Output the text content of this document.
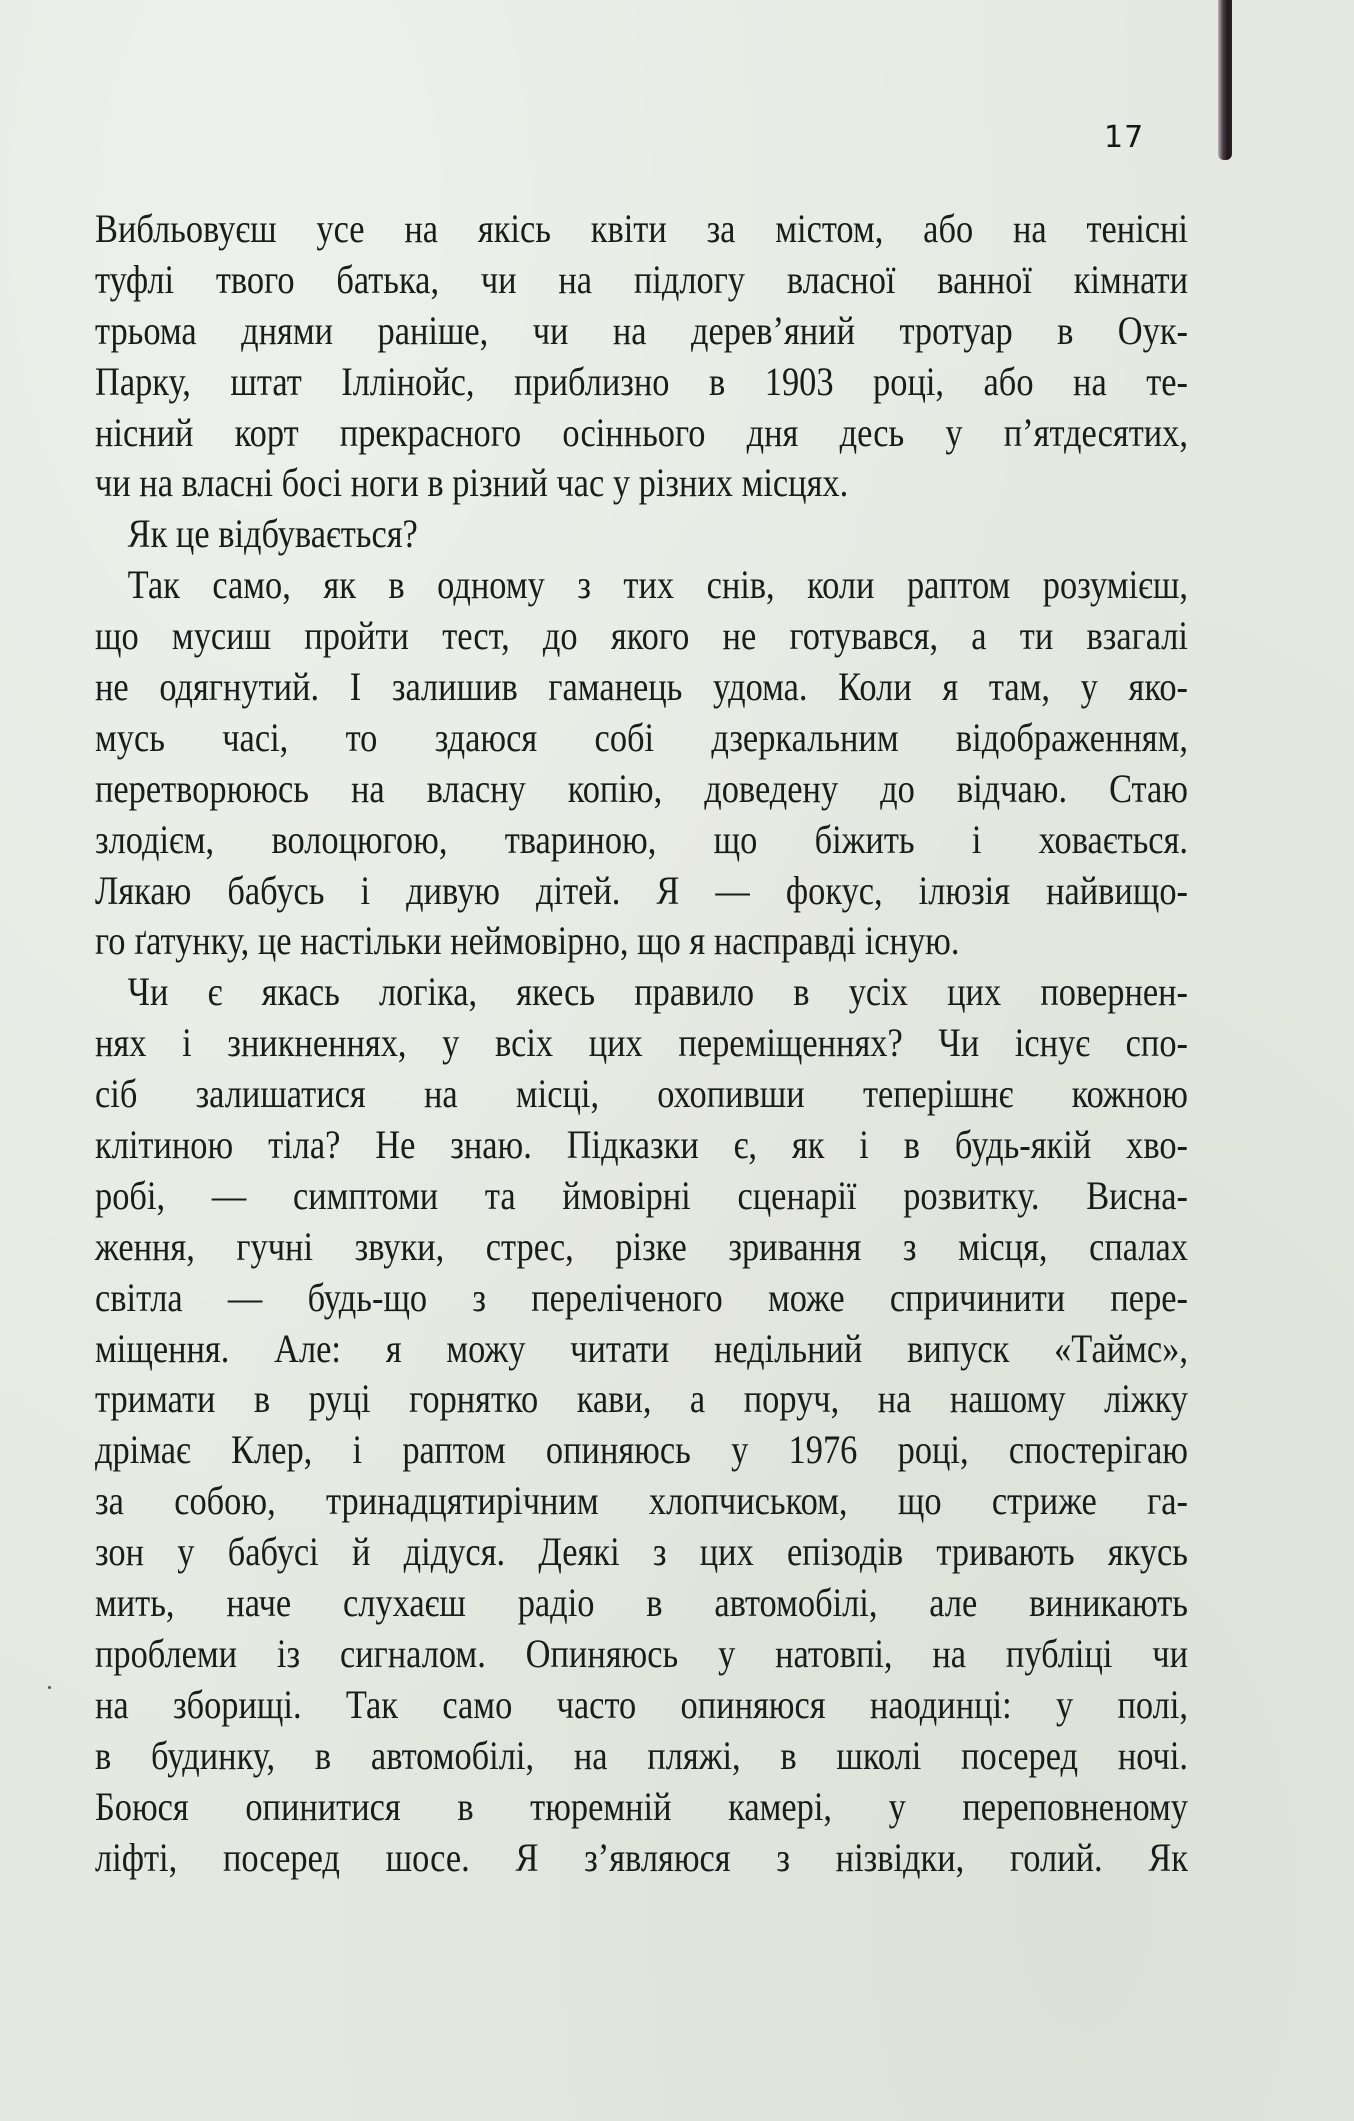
17
Вибльовуєш усе на якісь квіти за містом, або на тенісні
туфлі твого батька, чи на підлогу власної ванної кімнати
трьома днями раніше, чи на дерев’яний тротуар в Оук-
Парку, штат Іллінойс, приблизно в 1903 році, або на те-
нісний корт прекрасного осіннього дня десь у п’ятдесятих,
чи на власні босі ноги в різний час у різних місцях.
Як це відбувається?
Так само, як в одному з тих снів, коли раптом розумієш,
що мусиш пройти тест, до якого не готувався, а ти взагалі
не одягнутий. І залишив гаманець удома. Коли я там, у яко-
мусь часі, то здаюся собі дзеркальним відображенням,
перетворююсь на власну копію, доведену до відчаю. Стаю
злодієм, волоцюгою, твариною, що біжить і ховається.
Лякаю бабусь і дивую дітей. Я — фокус, ілюзія найвищо-
го ґатунку, це настільки неймовірно, що я насправді існую.
Чи є якась логіка, якесь правило в усіх цих повернен-
нях і зникненнях, у всіх цих переміщеннях? Чи існує спо-
сіб залишатися на місці, охопивши теперішнє кожною
клітиною тіла? Не знаю. Підказки є, як і в будь-якій хво-
робі, — симптоми та ймовірні сценарії розвитку. Висна-
ження, гучні звуки, стрес, різке зривання з місця, спалах
світла — будь-що з переліченого може спричинити пере-
міщення. Але: я можу читати недільний випуск «Таймс»,
тримати в руці горнятко кави, а поруч, на нашому ліжку
дрімає Клер, і раптом опиняюсь у 1976 році, спостерігаю
за собою, тринадцятирічним хлопчиськом, що стриже га-
зон у бабусі й дідуся. Деякі з цих епізодів тривають якусь
мить, наче слухаєш радіо в автомобілі, але виникають
проблеми із сигналом. Опиняюсь у натовпі, на публіці чи
на зборищі. Так само часто опиняюся наодинці: у полі,
в будинку, в автомобілі, на пляжі, в школі посеред ночі.
Боюся опинитися в тюремній камері, у переповненому
ліфті, посеред шосе. Я з’являюся з нізвідки, голий. Як
